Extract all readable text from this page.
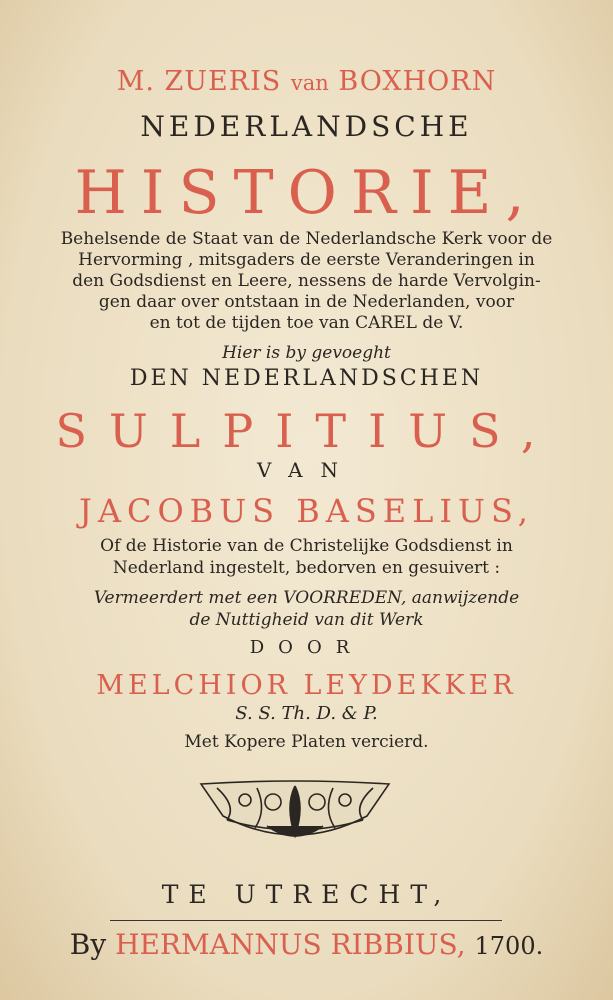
M. ZUERIS van BOXHORN
NEDERLANDSCHE
HISTORIE,
Behelsende de Staat van de Nederlandsche Kerk voor de
Hervorming , mitsgaders de eerste Veranderingen in
den Godsdienst en Leere, nessens de harde Vervolgin-
gen daar over ontstaan in de Nederlanden, voor
en tot de tijden toe van CAREL de V.
Hier is by gevoeght
DEN NEDERLANDSCHEN
SULPITIUS,
VAN
JACOBUS BASELIUS,
Of de Historie van de Christelijke Godsdienst in
Nederland ingestelt, bedorven en gesuivert :
Vermeerdert met een VOORREDEN, aanwijzende
de Nuttigheid van dit Werk
DOOR
MELCHIOR LEYDEKKER
S. S. Th. D. & P.
Met Kopere Platen vercierd.
TE UTRECHT,
By HERMANNUS RIBBIUS, 1700.
